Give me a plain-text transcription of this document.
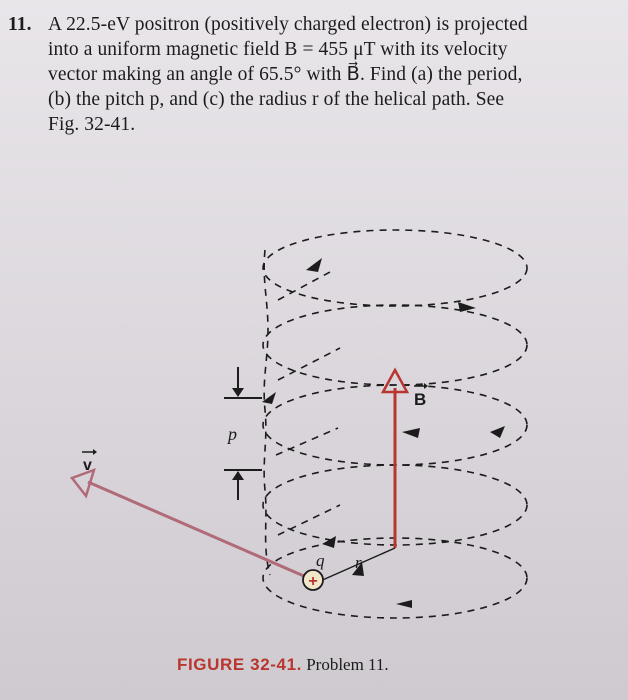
11. A 22.5-eV positron (positively charged electron) is projected
into a uniform magnetic field B = 455 μT with its velocity
vector making an angle of 65.5° with B⃗. Find (a) the period,
(b) the pitch p, and (c) the radius r of the helical path. See
Fig. 32-41.
B
r
v
+
q
p
FIGURE 32-41. Problem 11.
